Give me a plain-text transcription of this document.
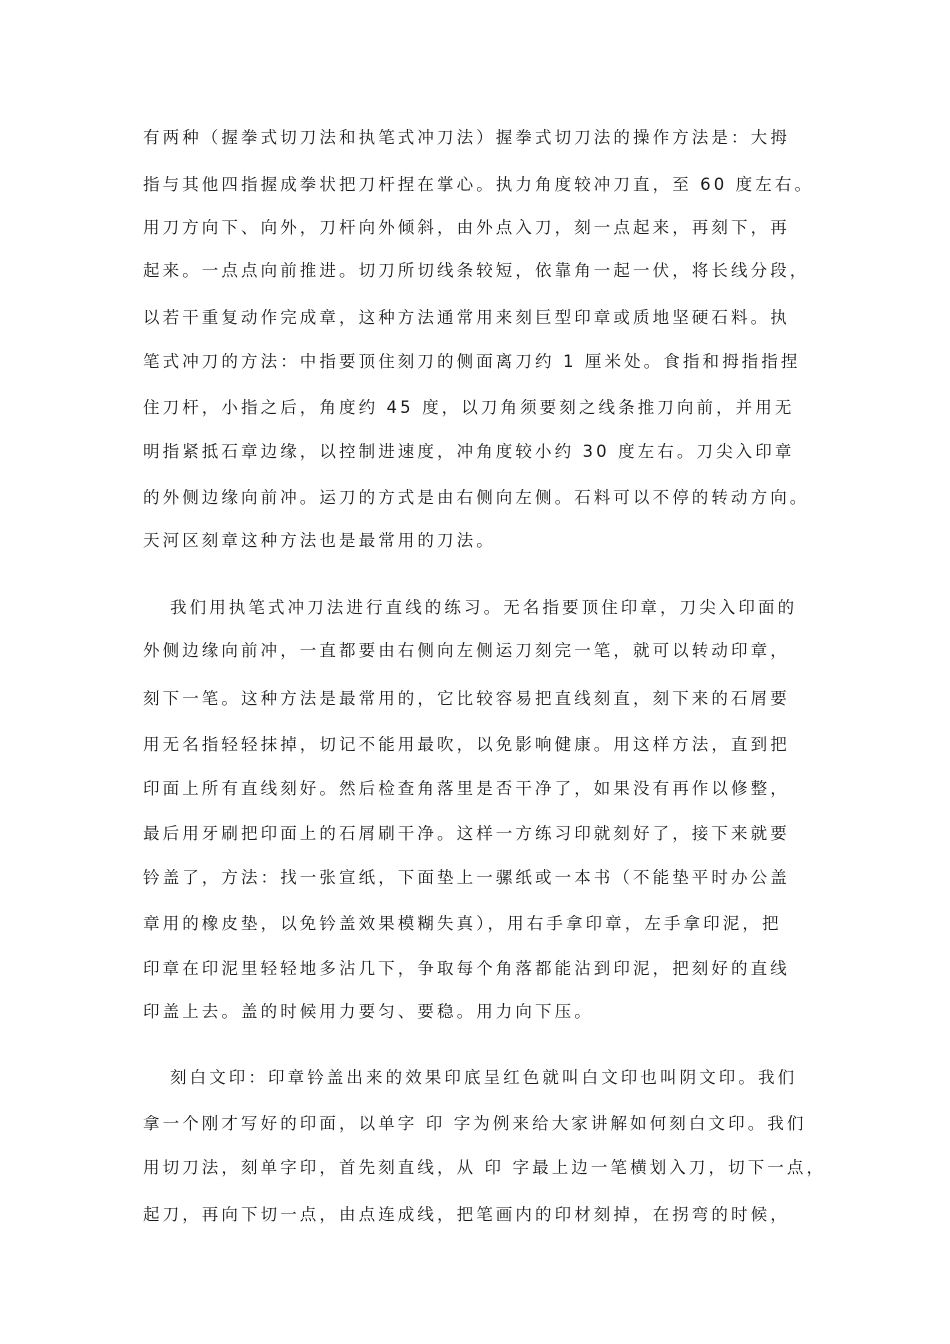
有两种（握拳式切刀法和执笔式冲刀法）握拳式切刀法的操作方法是：大拇
指与其他四指握成拳状把刀杆捏在掌心。执力角度较冲刀直，至 60 度左右。
用刀方向下、向外，刀杆向外倾斜，由外点入刀，刻一点起来，再刻下，再
起来。一点点向前推进。切刀所切线条较短，依靠角一起一伏，将长线分段，
以若干重复动作完成章，这种方法通常用来刻巨型印章或质地坚硬石料。执
笔式冲刀的方法：中指要顶住刻刀的侧面离刀约 1 厘米处。食指和拇指指捏
住刀杆，小指之后，角度约 45 度，以刀角须要刻之线条推刀向前，并用无
明指紧抵石章边缘，以控制进速度，冲角度较小约 30 度左右。刀尖入印章
的外侧边缘向前冲。运刀的方式是由右侧向左侧。石料可以不停的转动方向。
天河区刻章这种方法也是最常用的刀法。
我们用执笔式冲刀法进行直线的练习。无名指要顶住印章，刀尖入印面的
外侧边缘向前冲，一直都要由右侧向左侧运刀刻完一笔，就可以转动印章，
刻下一笔。这种方法是最常用的，它比较容易把直线刻直，刻下来的石屑要
用无名指轻轻抹掉，切记不能用最吹，以免影响健康。用这样方法，直到把
印面上所有直线刻好。然后检查角落里是否干净了，如果没有再作以修整，
最后用牙刷把印面上的石屑刷干净。这样一方练习印就刻好了，接下来就要
钤盖了，方法：找一张宣纸，下面垫上一骡纸或一本书（不能垫平时办公盖
章用的橡皮垫，以免钤盖效果模糊失真），用右手拿印章，左手拿印泥，把
印章在印泥里轻轻地多沾几下，争取每个角落都能沾到印泥，把刻好的直线
印盖上去。盖的时候用力要匀、要稳。用力向下压。
刻白文印：印章钤盖出来的效果印底呈红色就叫白文印也叫阴文印。我们
拿一个刚才写好的印面，以单字 印 字为例来给大家讲解如何刻白文印。我们
用切刀法，刻单字印，首先刻直线，从 印 字最上边一笔横划入刀，切下一点，
起刀，再向下切一点，由点连成线，把笔画内的印材刻掉，在拐弯的时候，
